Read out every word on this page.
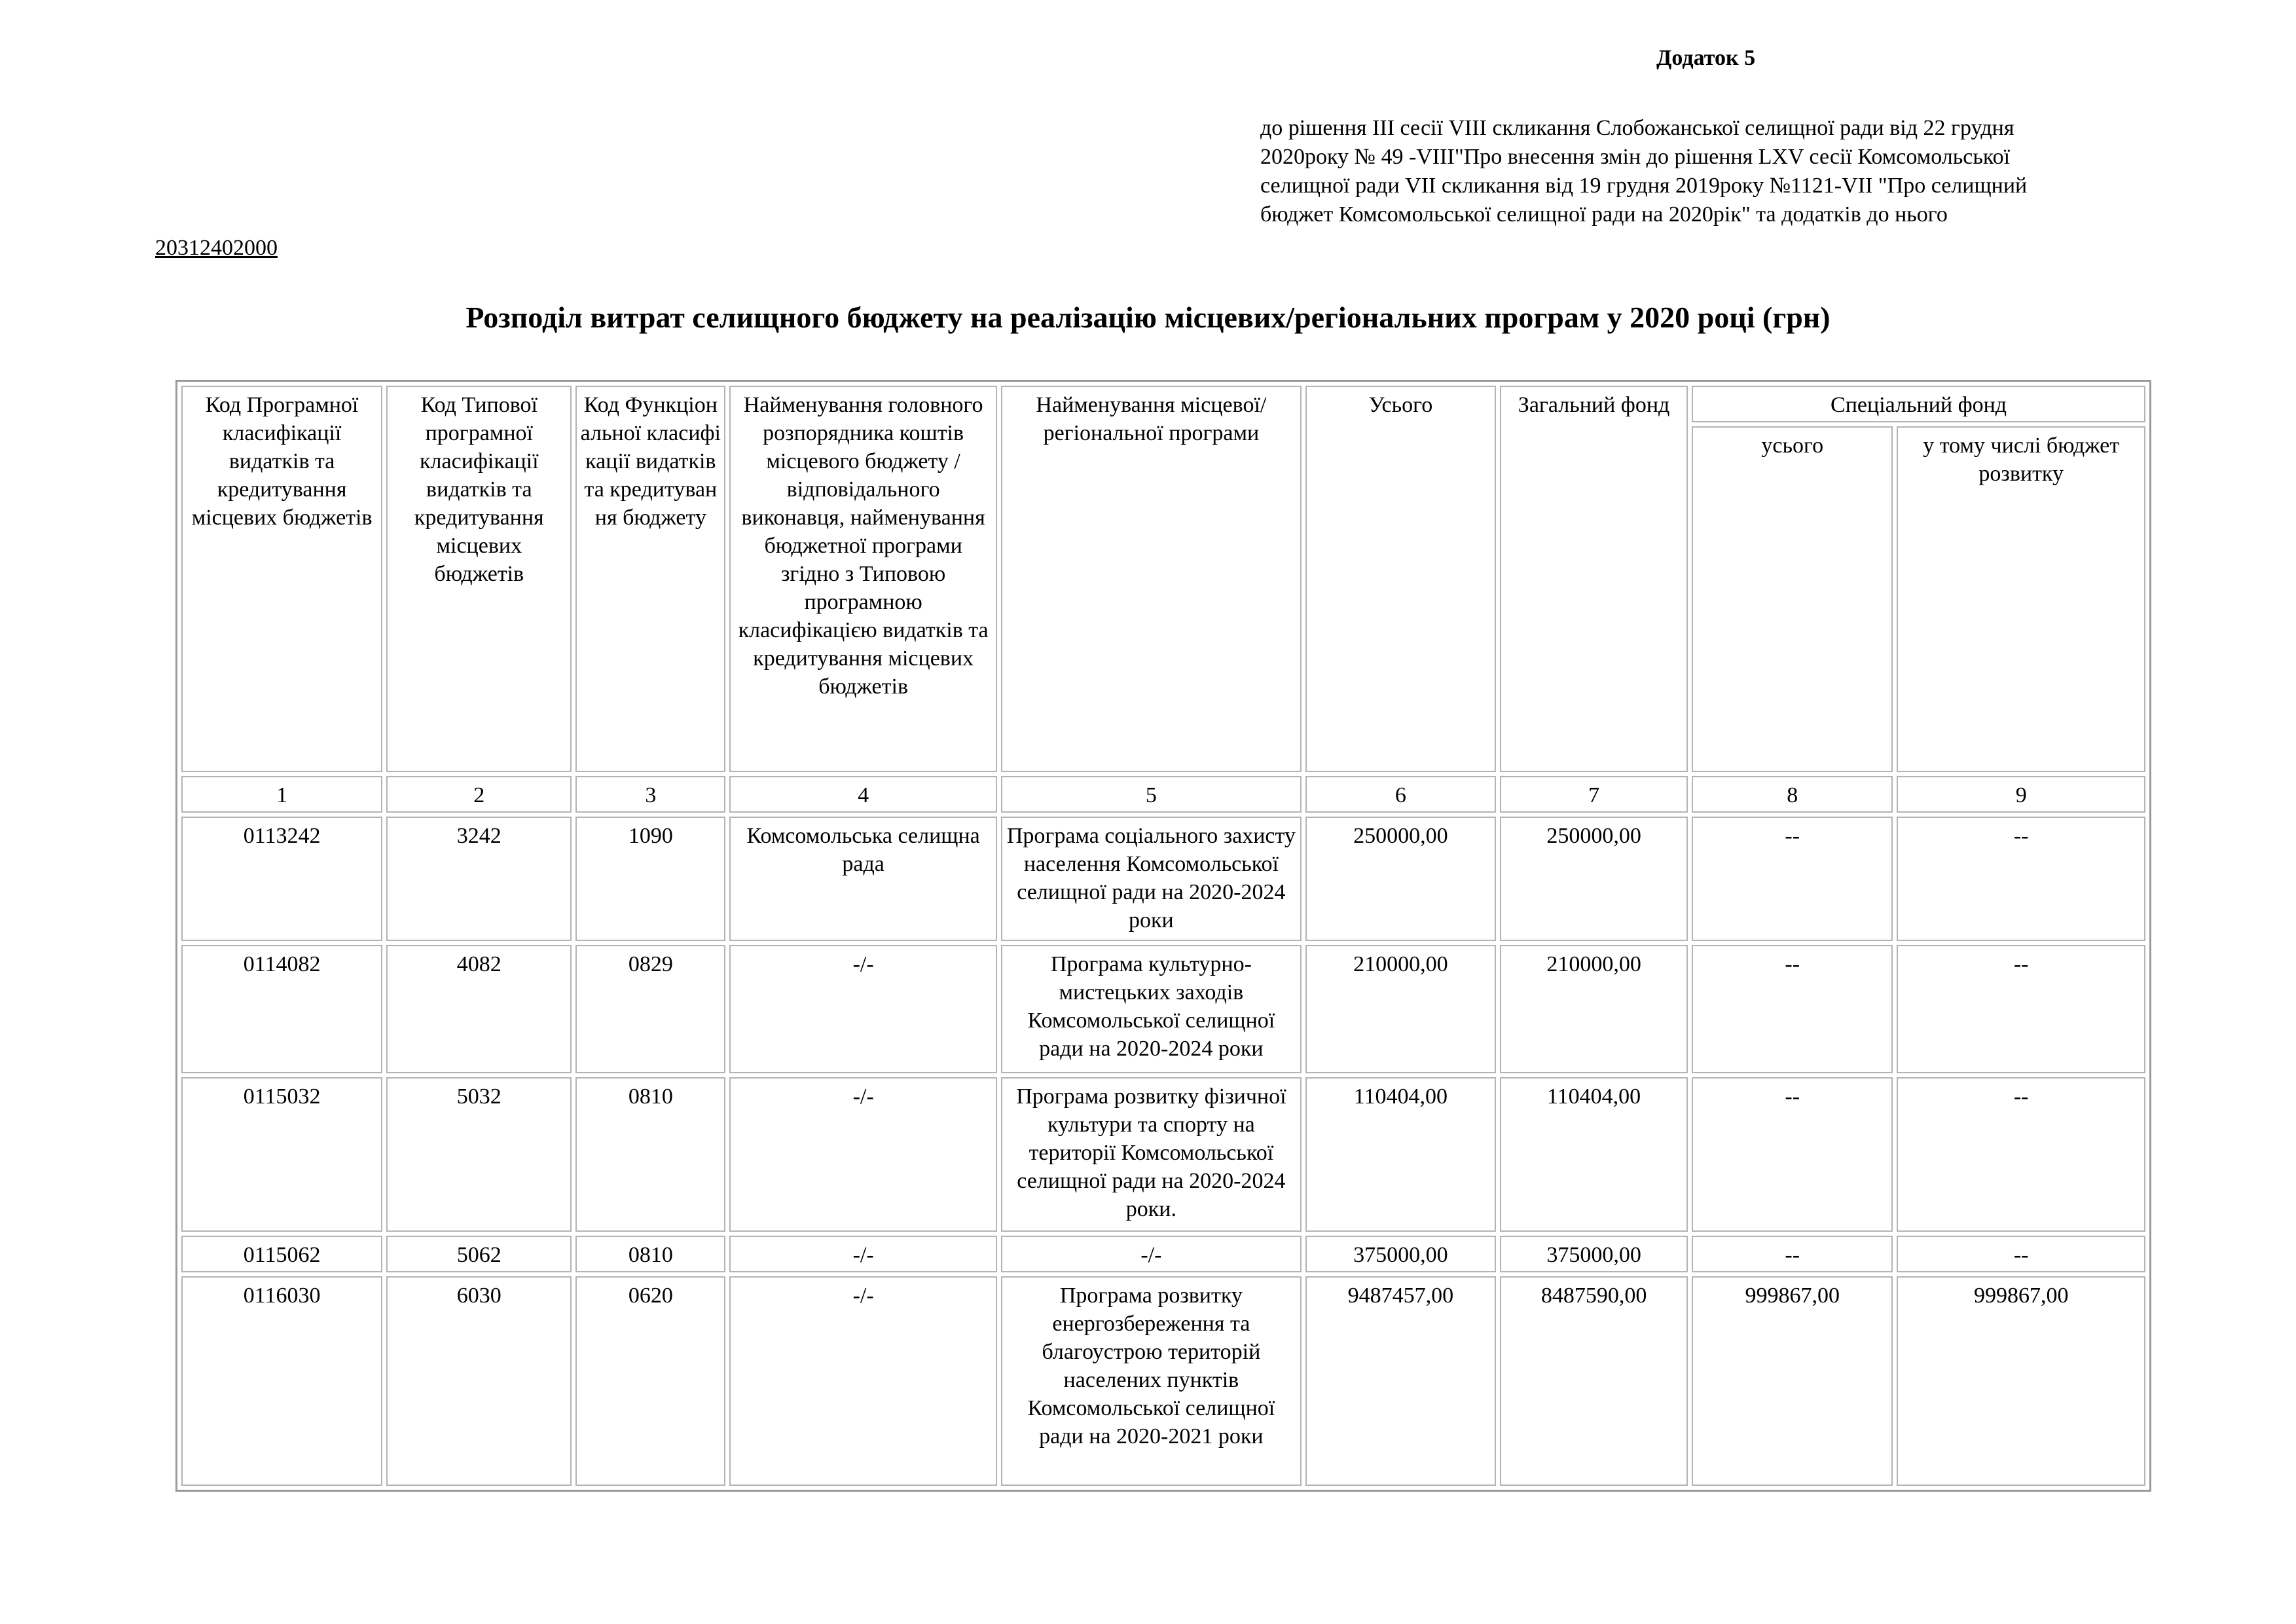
Додаток 5
до рішення ІІІ сесії VIII скликання Слобожанської селищної ради від 22 грудня
2020року № 49 -VIII"Про внесення змін до рішення LXV сесії Комсомольської
селищної ради VII скликання від 19 грудня 2019року №1121-VII "Про селищний
бюджет Комсомольської селищної ради на 2020рік" та додатків до нього
20312402000
Розподіл витрат селищного бюджету на реалізацію місцевих/регіональних програм у 2020 році (грн)
Код Програмної класифікації видатків та кредитування місцевих бюджетів	Код Типової програмної класифікації видатків та кредитування місцевих бюджетів	Код Функціональної класифікації видатків та кредитування бюджету	Найменування головного розпорядника коштів місцевого бюджету / відповідального виконавця, найменування бюджетної програми згідно з Типовою програмною класифікацією видатків та кредитування місцевих бюджетів	Найменування місцевої/регіональної програми	Усього	Загальний фонд	Спеціальний фонд	
							усього	у тому числі бюджет розвитку
1	2	3	4	5	6	7	8	9
0113242	3242	1090	Комсомольська селищна рада	Програма соціального захисту населення Комсомольської селищної ради на 2020-2024 роки	250000,00	250000,00	--	--
0114082	4082	0829	-/-	Програма культурно-мистецьких заходів Комсомольської селищної ради на 2020-2024 роки	210000,00	210000,00	--	--
0115032	5032	0810	-/-	Програма розвитку фізичної культури та спорту на території Комсомольської селищної ради на 2020-2024 роки.	110404,00	110404,00	--	--
0115062	5062	0810	-/-	-/-	375000,00	375000,00	--	--
0116030	6030	0620	-/-	Програма розвитку енергозбереження та благоустрою територій населених пунктів Комсомольської селищної ради на 2020-2021 роки	9487457,00	8487590,00	999867,00	999867,00
